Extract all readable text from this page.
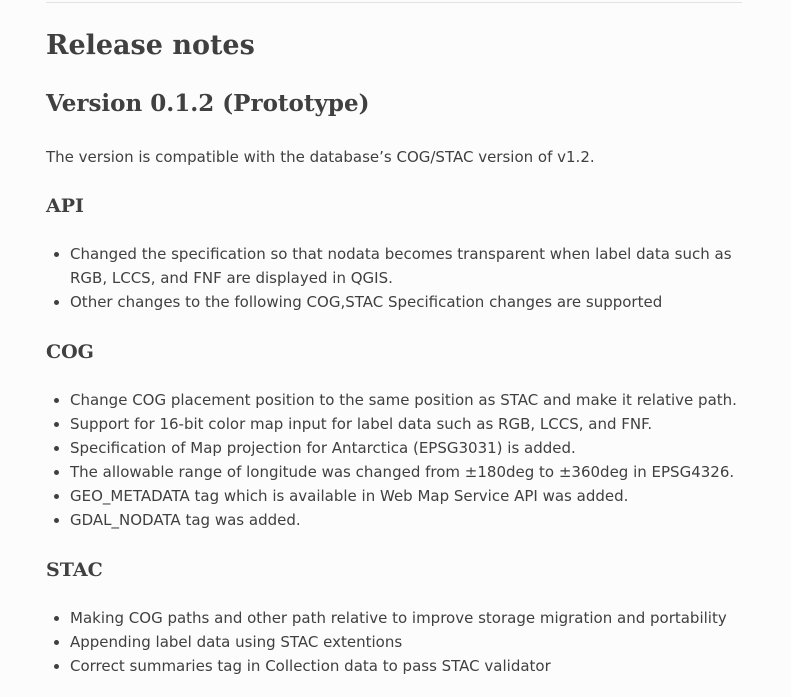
Release notes
Version 0.1.2 (Prototype)

The version is compatible with the database’s COG/STAC version of v1.2.

API
• Changed the specification so that nodata becomes transparent when label data such as RGB, LCCS, and FNF are displayed in QGIS.
• Other changes to the following COG,STAC Specification changes are supported
COG
• Change COG placement position to the same position as STAC and make it relative path.
• Support for 16-bit color map input for label data such as RGB, LCCS, and FNF.
• Specification of Map projection for Antarctica (EPSG3031) is added.
• The allowable range of longitude was changed from ±180deg to ±360deg in EPSG4326.
• GEO_METADATA tag which is available in Web Map Service API was added.
• GDAL_NODATA tag was added.
STAC
• Making COG paths and other path relative to improve storage migration and portability
• Appending label data using STAC extentions
• Correct summaries tag in Collection data to pass STAC validator
